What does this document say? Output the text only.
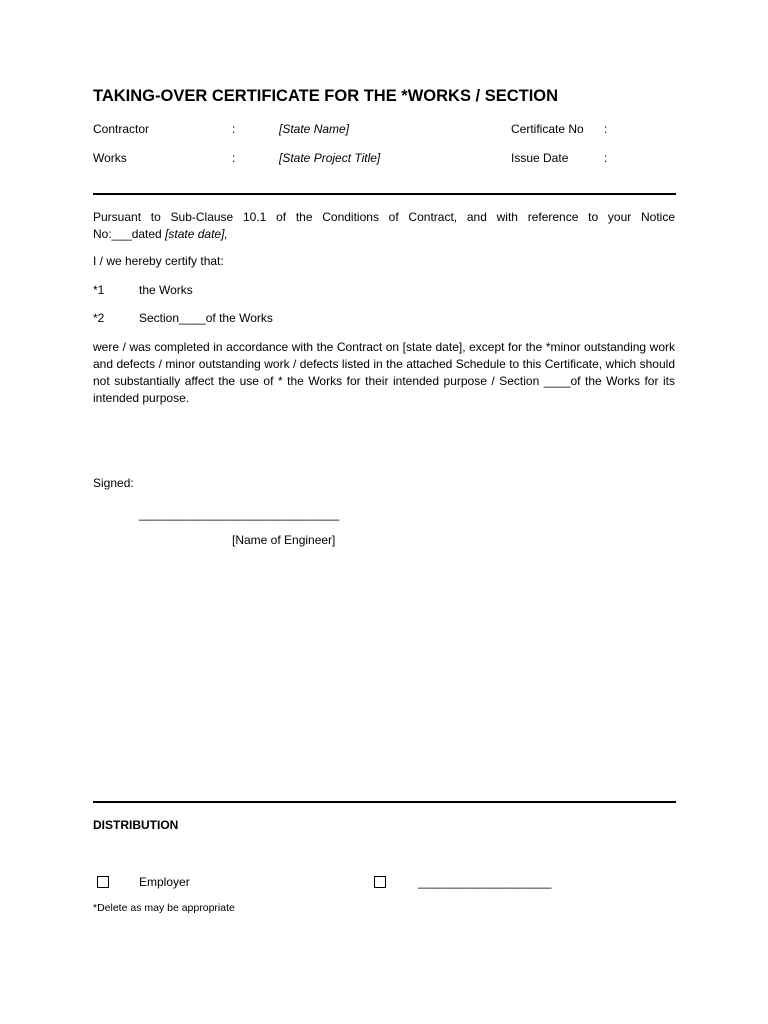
TAKING-OVER CERTIFICATE FOR THE *WORKS / SECTION
Contractor	:	[State Name]	Certificate No :
Works	:	[State Project Title]	Issue Date	:
Pursuant to Sub-Clause 10.1 of the Conditions of Contract, and with reference to your Notice
No:___dated [state date],
I / we hereby certify that:
*1	the Works
*2	Section____of the Works
were / was completed in accordance with the Contract on [state date], except for the *minor outstanding work and defects / minor outstanding work / defects listed in the attached Schedule to this Certificate, which should not substantially affect the use of * the Works for their intended purpose / Section ____of the Works for its intended purpose.
Signed:
______________________________
[Name of Engineer]
DISTRIBUTION
Employer	____________________
*Delete as may be appropriate
